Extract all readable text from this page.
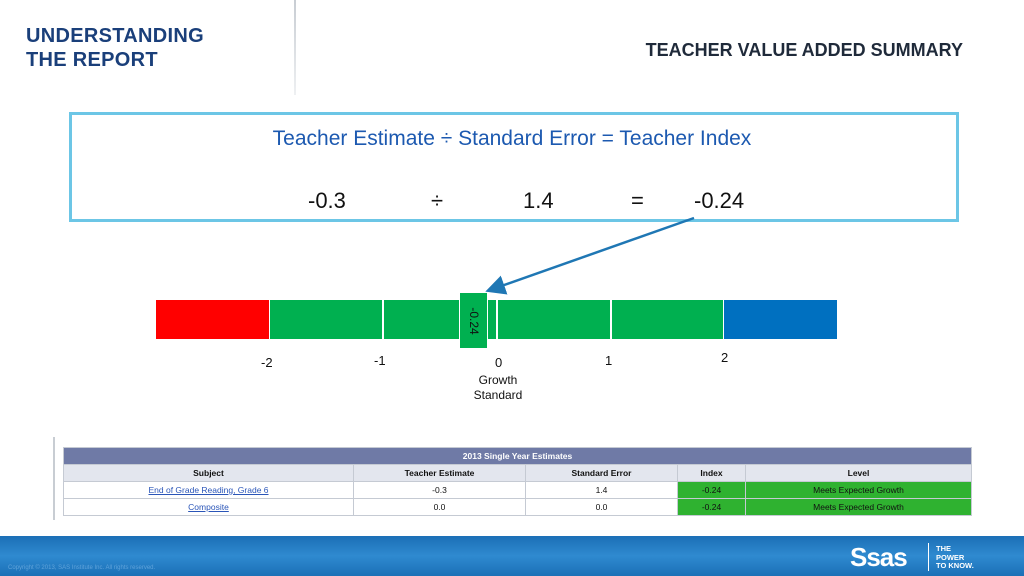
UNDERSTANDING
THE REPORT	TEACHER VALUE ADDED SUMMARY
Teacher Estimate ÷ Standard Error = Teacher Index
-0.3	÷	1.4	= -0.24
-0.24
-2	-1	0	1	2
Growth
Standard
2013 Single Year Estimates				
Subject	Teacher Estimate	Standard Error	Index	Level
End of Grade Reading, Grade 6	-0.3	1.4	-0.24	Meets Expected Growth
Composite	0.0	0.0	-0.24	Meets Expected Growth
Copyright © 2013, SAS Institute Inc. All rights reserved.	Ssas	THE
POWER
TO KNOW.
